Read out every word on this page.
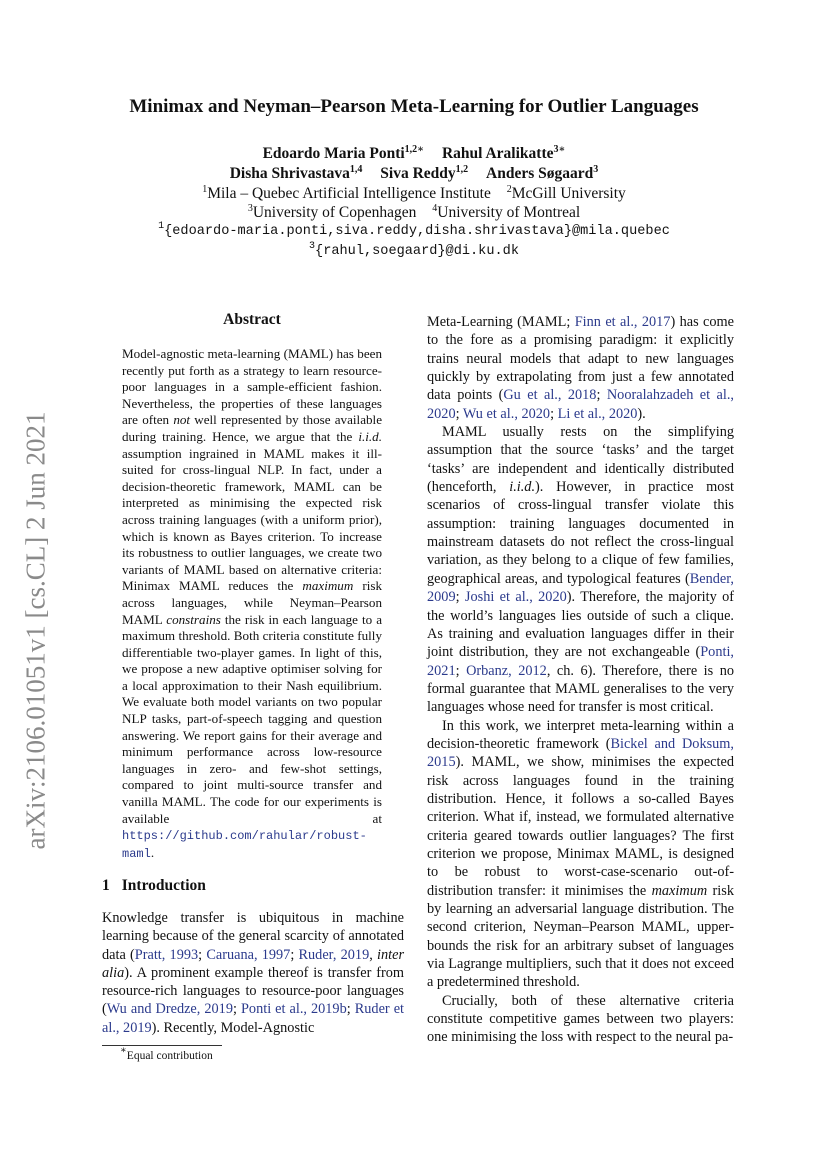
arXiv:2106.01051v1 [cs.CL] 2 Jun 2021
Minimax and Neyman–Pearson Meta-Learning for Outlier Languages
Edoardo Maria Ponti$^{1,2∗}$ Rahul Aralikatte$^{3∗}$
Disha Shrivastava$^{1,4}$ Siva Reddy$^{1,2}$ Anders Søgaard$^3$
$^1$Mila – Quebec Artificial Intelligence Institute $^2$McGill University
$^3$University of Copenhagen $^4$University of Montreal
$^1${edoardo-maria.ponti,siva.reddy,disha.shrivastava}@mila.quebec
$^3${rahul,soegaard}@di.ku.dk
Abstract
Model-agnostic meta-learning (MAML) has been recently put forth as a strategy to learn resource-poor languages in a sample-efficient fashion. Nevertheless, the properties of these languages are often not well represented by those available during training. Hence, we argue that the i.i.d. assumption ingrained in MAML makes it ill-suited for cross-lingual NLP. In fact, under a decision-theoretic framework, MAML can be interpreted as minimising the expected risk across training languages (with a uniform prior), which is known as Bayes criterion. To increase its robustness to outlier languages, we create two variants of MAML based on alternative criteria: Minimax MAML reduces the maximum risk across languages, while Neyman–Pearson MAML constrains the risk in each language to a maximum threshold. Both criteria constitute fully differentiable two-player games. In light of this, we propose a new adaptive optimiser solving for a local approximation to their Nash equilibrium. We evaluate both model variants on two popular NLP tasks, part-of-speech tagging and question answering. We report gains for their average and minimum performance across low-resource languages in zero- and few-shot settings, compared to joint multi-source transfer and vanilla MAML. The code for our experiments is available at https://github.com/rahular/robust-maml.
1 Introduction
Knowledge transfer is ubiquitous in machine learning because of the general scarcity of annotated data (Pratt, 1993; Caruana, 1997; Ruder, 2019, inter alia). A prominent example thereof is transfer from resource-rich languages to resource-poor languages (Wu and Dredze, 2019; Ponti et al., 2019b; Ruder et al., 2019). Recently, Model-Agnostic

Meta-Learning (MAML; Finn et al., 2017) has come to the fore as a promising paradigm: it explicitly trains neural models that adapt to new languages quickly by extrapolating from just a few annotated data points (Gu et al., 2018; Nooralahzadeh et al., 2020; Wu et al., 2020; Li et al., 2020).

MAML usually rests on the simplifying assumption that the source ‘tasks’ and the target ‘tasks’ are independent and identically distributed (henceforth, i.i.d.). However, in practice most scenarios of cross-lingual transfer violate this assumption: training languages documented in mainstream datasets do not reflect the cross-lingual variation, as they belong to a clique of few families, geographical areas, and typological features (Bender, 2009; Joshi et al., 2020). Therefore, the majority of the world’s languages lies outside of such a clique. As training and evaluation languages differ in their joint distribution, they are not exchangeable (Ponti, 2021; Orbanz, 2012, ch. 6). Therefore, there is no formal guarantee that MAML generalises to the very languages whose need for transfer is most critical.

In this work, we interpret meta-learning within a decision-theoretic framework (Bickel and Doksum, 2015). MAML, we show, minimises the expected risk across languages found in the training distribution. Hence, it follows a so-called Bayes criterion. What if, instead, we formulated alternative criteria geared towards outlier languages? The first criterion we propose, Minimax MAML, is designed to be robust to worst-case-scenario out-of-distribution transfer: it minimises the maximum risk by learning an adversarial language distribution. The second criterion, Neyman–Pearson MAML, upper-bounds the risk for an arbitrary subset of languages via Lagrange multipliers, such that it does not exceed a predetermined threshold.

Crucially, both of these alternative criteria constitute competitive games between two players: one minimising the loss with respect to the neural pa-

∗Equal contribution
